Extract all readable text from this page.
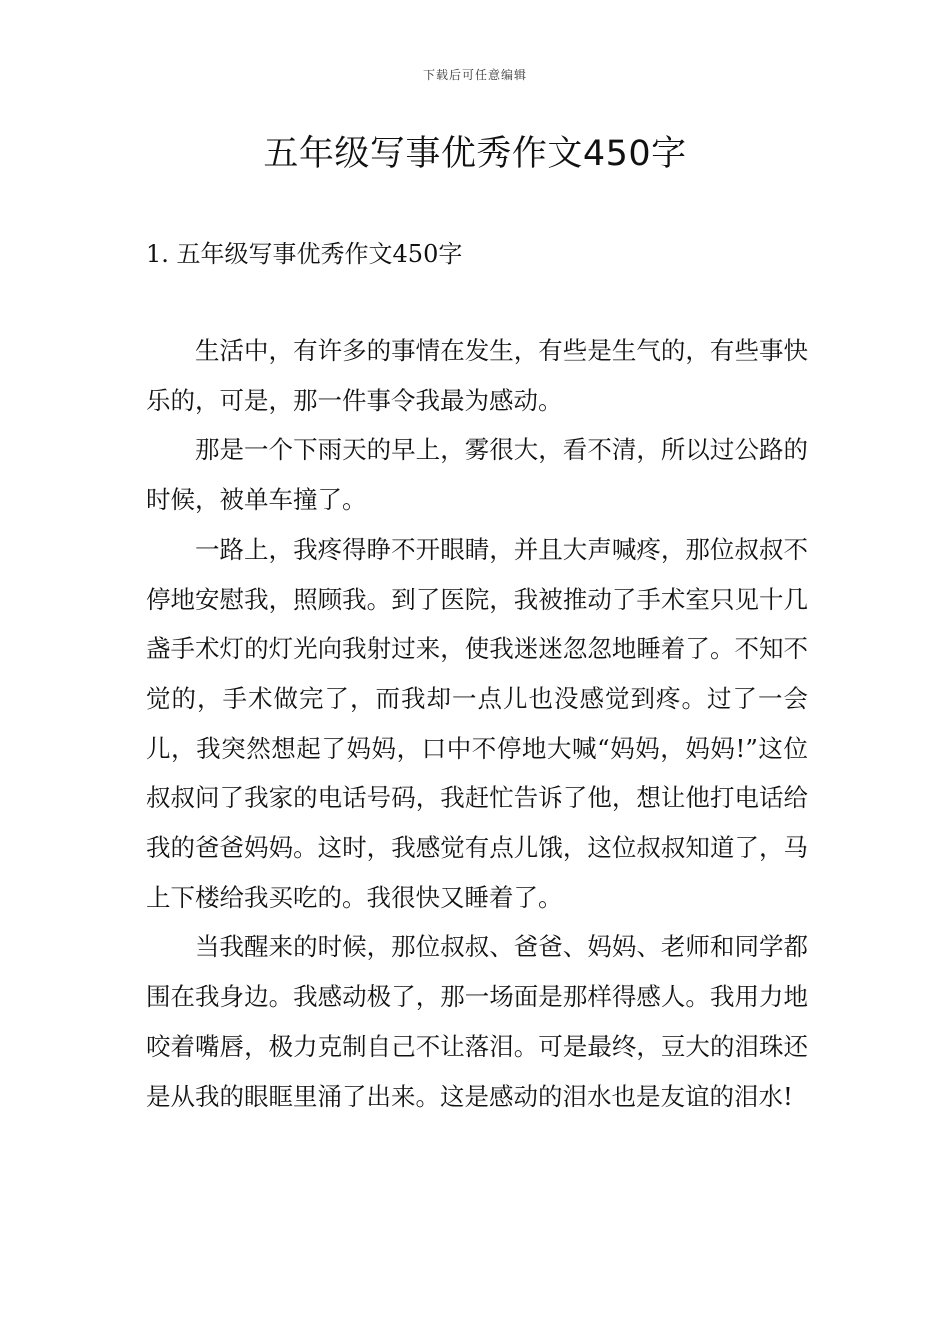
下载后可任意编辑
五年级写事优秀作文450字
1. 五年级写事优秀作文450字

生活中，有许多的事情在发生，有些是生气的，有些事快乐的，可是，那一件事令我最为感动。

那是一个下雨天的早上，雾很大，看不清，所以过公路的时候，被单车撞了。

一路上，我疼得睁不开眼睛，并且大声喊疼，那位叔叔不停地安慰我，照顾我。到了医院，我被推动了手术室只见十几盏手术灯的灯光向我射过来，使我迷迷忽忽地睡着了。不知不觉的，手术做完了，而我却一点儿也没感觉到疼。过了一会儿，我突然想起了妈妈，口中不停地大喊“妈妈，妈妈!”这位叔叔问了我家的电话号码，我赶忙告诉了他，想让他打电话给我的爸爸妈妈。这时，我感觉有点儿饿，这位叔叔知道了，马上下楼给我买吃的。我很快又睡着了。

当我醒来的时候，那位叔叔、爸爸、妈妈、老师和同学都围在我身边。我感动极了，那一场面是那样得感人。我用力地咬着嘴唇，极力克制自己不让落泪。可是最终，豆大的泪珠还是从我的眼眶里涌了出来。这是感动的泪水也是友谊的泪水!
